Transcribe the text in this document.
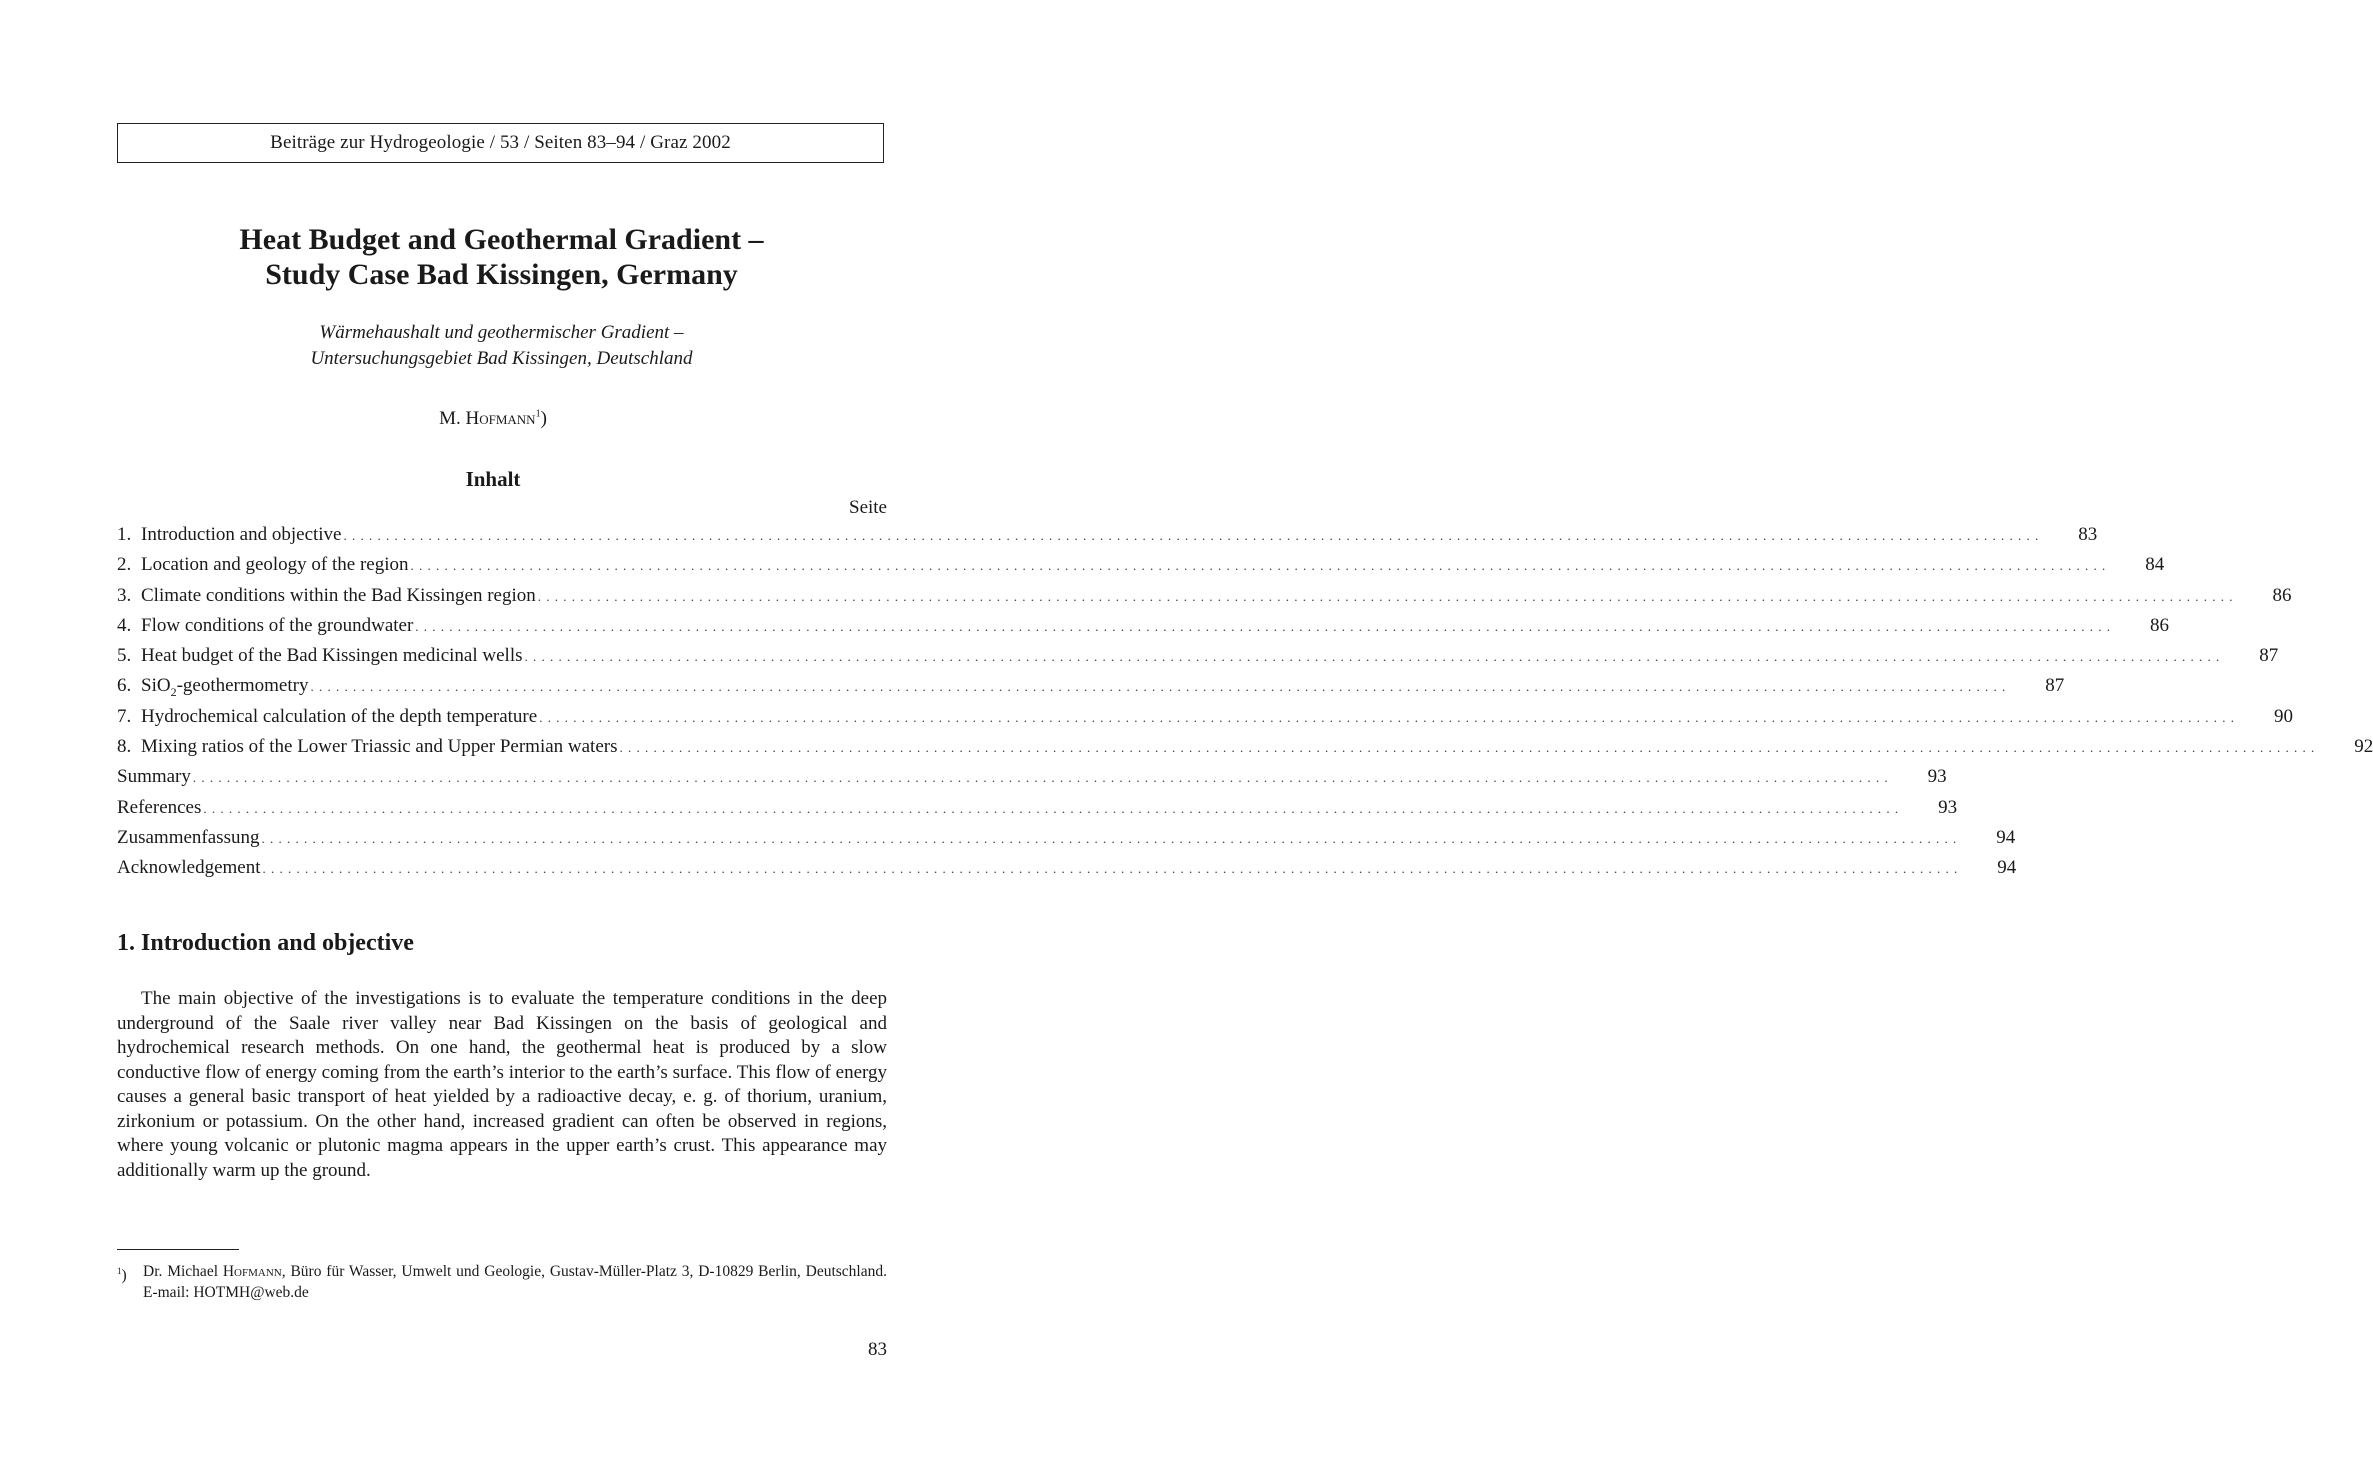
Beiträge zur Hydrogeologie / 53 / Seiten 83–94 / Graz 2002
Heat Budget and Geothermal Gradient –
Study Case Bad Kissingen, Germany
Wärmehaushalt und geothermischer Gradient –
Untersuchungsgebiet Bad Kissingen, Deutschland
M. Hofmann$^1$)
Inhalt
Seite
1. Introduction and objective . . . . . . . . . . . . . . . . . . . . . . . . . . . . . . . . . . . . . . . . . . . . . . . . . . . . . . . . . . . . . . . . . . . . . . . . . . . . . . . . . . . . . . . . . . . . . . . . . . . . . . . . . . . . . . . . . . . . . . . . . . . . . . . . . . . . . . . . . . . . . . . . . . . . . . . . . . . . . . . . . . . . . . . . . . . . . . . . . . . . . . . . . . . . . . . . . . . . . . . .	83
2. Location and geology of the region . . . . . . . . . . . . . . . . . . . . . . . . . . . . . . . . . . . . . . . . . . . . . . . . . . . . . . . . . . . . . . . . . . . . . . . . . . . . . . . . . . . . . . . . . . . . . . . . . . . . . . . . . . . . . . . . . . . . . . . . . . . . . . . . . . . . . . . . . . . . . . . . . . . . . . . . . . . . . . . . . . . . . . . . . . . . . . . . . . . . . . . . . . . . . . . . . . . . . . . .	84
3. Climate conditions within the Bad Kissingen region . . . . . . . . . . . . . . . . . . . . . . . . . . . . . . . . . . . . . . . . . . . . . . . . . . . . . . . . . . . . . . . . . . . . . . . . . . . . . . . . . . . . . . . . . . . . . . . . . . . . . . . . . . . . . . . . . . . . . . . . . . . . . . . . . . . . . . . . . . . . . . . . . . . . . . . . . . . . . . . . . . . . . . . . . . . . . . . . . . . . . . . . . . . . . . . . . . . . . . . .	86
4. Flow conditions of the groundwater . . . . . . . . . . . . . . . . . . . . . . . . . . . . . . . . . . . . . . . . . . . . . . . . . . . . . . . . . . . . . . . . . . . . . . . . . . . . . . . . . . . . . . . . . . . . . . . . . . . . . . . . . . . . . . . . . . . . . . . . . . . . . . . . . . . . . . . . . . . . . . . . . . . . . . . . . . . . . . . . . . . . . . . . . . . . . . . . . . . . . . . . . . . . . . . . . . . . . . . .	86
5. Heat budget of the Bad Kissingen medicinal wells . . . . . . . . . . . . . . . . . . . . . . . . . . . . . . . . . . . . . . . . . . . . . . . . . . . . . . . . . . . . . . . . . . . . . . . . . . . . . . . . . . . . . . . . . . . . . . . . . . . . . . . . . . . . . . . . . . . . . . . . . . . . . . . . . . . . . . . . . . . . . . . . . . . . . . . . . . . . . . . . . . . . . . . . . . . . . . . . . . . . . . . . . . . . . . . . . . . . . . . .	87
6. SiO$_2$-geothermometry . . . . . . . . . . . . . . . . . . . . . . . . . . . . . . . . . . . . . . . . . . . . . . . . . . . . . . . . . . . . . . . . . . . . . . . . . . . . . . . . . . . . . . . . . . . . . . . . . . . . . . . . . . . . . . . . . . . . . . . . . . . . . . . . . . . . . . . . . . . . . . . . . . . . . . . . . . . . . . . . . . . . . . . . . . . . . . . . . . . . . . . . . . . . . . . . . . . . . . . .	87
7. Hydrochemical calculation of the depth temperature . . . . . . . . . . . . . . . . . . . . . . . . . . . . . . . . . . . . . . . . . . . . . . . . . . . . . . . . . . . . . . . . . . . . . . . . . . . . . . . . . . . . . . . . . . . . . . . . . . . . . . . . . . . . . . . . . . . . . . . . . . . . . . . . . . . . . . . . . . . . . . . . . . . . . . . . . . . . . . . . . . . . . . . . . . . . . . . . . . . . . . . . . . . . . . . . . . . . . . . .	90
8. Mixing ratios of the Lower Triassic and Upper Permian waters . . . . . . . . . . . . . . . . . . . . . . . . . . . . . . . . . . . . . . . . . . . . . . . . . . . . . . . . . . . . . . . . . . . . . . . . . . . . . . . . . . . . . . . . . . . . . . . . . . . . . . . . . . . . . . . . . . . . . . . . . . . . . . . . . . . . . . . . . . . . . . . . . . . . . . . . . . . . . . . . . . . . . . . . . . . . . . . . . . . . . . . . . . . . . . . . . . . . . . . .	92
Summary . . . . . . . . . . . . . . . . . . . . . . . . . . . . . . . . . . . . . . . . . . . . . . . . . . . . . . . . . . . . . . . . . . . . . . . . . . . . . . . . . . . . . . . . . . . . . . . . . . . . . . . . . . . . . . . . . . . . . . . . . . . . . . . . . . . . . . . . . . . . . . . . . . . . . . . . . . . . . . . . . . . . . . . . . . . . . . . . . . . . . . . . . . . . . . . . . . . . . . . .	93
References . . . . . . . . . . . . . . . . . . . . . . . . . . . . . . . . . . . . . . . . . . . . . . . . . . . . . . . . . . . . . . . . . . . . . . . . . . . . . . . . . . . . . . . . . . . . . . . . . . . . . . . . . . . . . . . . . . . . . . . . . . . . . . . . . . . . . . . . . . . . . . . . . . . . . . . . . . . . . . . . . . . . . . . . . . . . . . . . . . . . . . . . . . . . . . . . . . . . . . . .	93
Zusammenfassung . . . . . . . . . . . . . . . . . . . . . . . . . . . . . . . . . . . . . . . . . . . . . . . . . . . . . . . . . . . . . . . . . . . . . . . . . . . . . . . . . . . . . . . . . . . . . . . . . . . . . . . . . . . . . . . . . . . . . . . . . . . . . . . . . . . . . . . . . . . . . . . . . . . . . . . . . . . . . . . . . . . . . . . . . . . . . . . . . . . . . . . . . . . . . . . . . . . . . . . .	94
Acknowledgement . . . . . . . . . . . . . . . . . . . . . . . . . . . . . . . . . . . . . . . . . . . . . . . . . . . . . . . . . . . . . . . . . . . . . . . . . . . . . . . . . . . . . . . . . . . . . . . . . . . . . . . . . . . . . . . . . . . . . . . . . . . . . . . . . . . . . . . . . . . . . . . . . . . . . . . . . . . . . . . . . . . . . . . . . . . . . . . . . . . . . . . . . . . . . . . . . . . . . . . .	94
1. Introduction and objective

The main objective of the investigations is to evaluate the temperature conditions in the deep underground of the Saale river valley near Bad Kissingen on the basis of geological and hydrochemical research methods. On one hand, the geothermal heat is produced by a slow conductive flow of energy coming from the earth’s interior to the earth’s surface. This flow of energy causes a general basic transport of heat yielded by a radioactive decay, e. g. of thorium, uranium, zirkonium or potassium. On the other hand, increased gradient can often be observed in regions, where young volcanic or plutonic magma appears in the upper earth’s crust. This appearance may additionally warm up the ground.

$^1$)	Dr. Michael Hofmann, Büro für Wasser, Umwelt und Geologie, Gustav-Müller-Platz 3, D-10829 Berlin, Deutschland. E-mail: HOTMH@web.de
83
